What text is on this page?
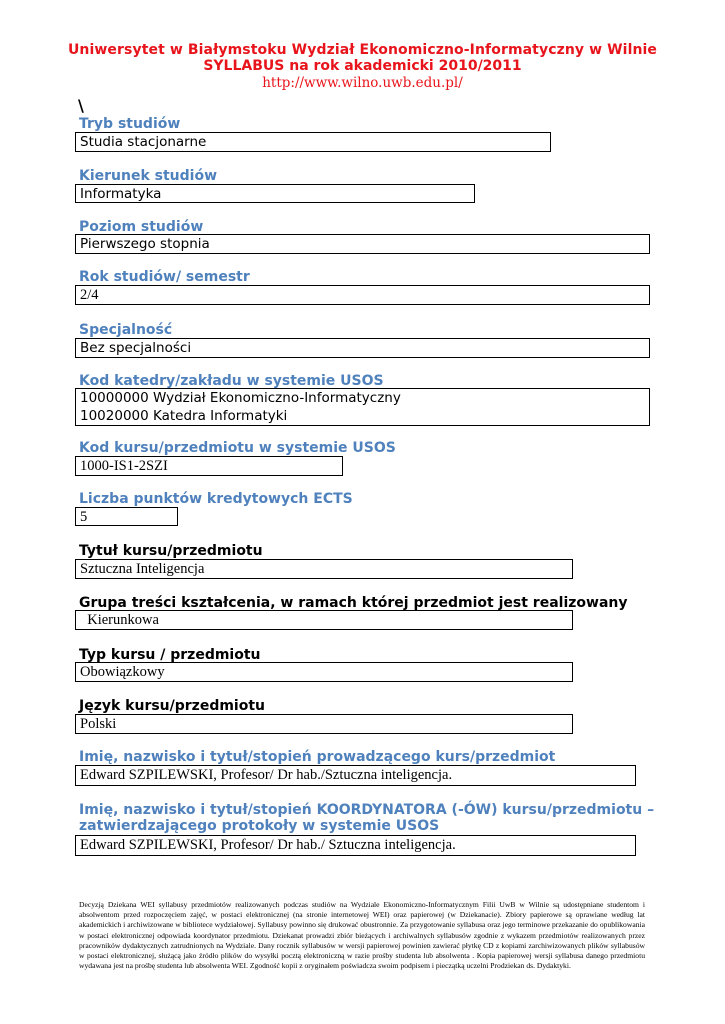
Uniwersytet w Białymstoku Wydział Ekonomiczno-Informatyczny w Wilnie
SYLLABUS na rok akademicki 2010/2011
http://www.wilno.uwb.edu.pl/
\
Tryb studiów
Studia stacjonarne
Kierunek studiów
Informatyka
Poziom studiów
Pierwszego stopnia
Rok studiów/ semestr
2/4
Specjalność
Bez specjalności
Kod katedry/zakładu w systemie USOS
10000000 Wydział Ekonomiczno-Informatyczny
10020000 Katedra Informatyki
Kod kursu/przedmiotu w systemie USOS
1000-IS1-2SZI
Liczba punktów kredytowych ECTS
5
Tytuł kursu/przedmiotu
Sztuczna Inteligencja
Grupa treści kształcenia, w ramach której przedmiot jest realizowany
Kierunkowa
Typ kursu / przedmiotu
Obowiązkowy
Język kursu/przedmiotu
Polski
Imię, nazwisko i tytuł/stopień prowadzącego kurs/przedmiot
Edward SZPILEWSKI, Profesor/ Dr hab./Sztuczna inteligencja.
Imię, nazwisko i tytuł/stopień KOORDYNATORA (-ÓW) kursu/przedmiotu –
zatwierdzającego protokoły w systemie USOS
Edward SZPILEWSKI, Profesor/ Dr hab./ Sztuczna inteligencja.
Decyzją Dziekana WEI syllabusy przedmiotów realizowanych podczas studiów na Wydziale Ekonomiczno-Informatycznym Filii UwB w Wilnie są udostępniane studentom i absolwentom przed rozpoczęciem zajęć, w postaci elektronicznej (na stronie internetowej WEI) oraz papierowej (w Dziekanacie). Zbiory papierowe są oprawiane według lat akademickich i archiwizowane w bibliotece wydziałowej. Syllabusy powinno się drukować obustronnie. Za przygotowanie syllabusa oraz jego terminowe przekazanie do opublikowania w postaci elektronicznej odpowiada koordynator przedmiotu. Dziekanat prowadzi zbiór bieżących i archiwalnych syllabusów zgodnie z wykazem przedmiotów realizowanych przez pracowników dydaktycznych zatrudnionych na Wydziale. Dany rocznik syllabusów w wersji papierowej powinien zawierać płytkę CD z kopiami zarchiwizowanych plików syllabusów w postaci elektronicznej, służącą jako źródło plików do wysyłki pocztą elektroniczną w razie prośby studenta lub absolwenta . Kopia papierowej wersji syllabusa danego przedmiotu wydawana jest na prośbę studenta lub absolwenta WEI. Zgodność kopii z oryginałem poświadcza swoim podpisem i pieczątką uczelni Prodziekan ds. Dydaktyki.
